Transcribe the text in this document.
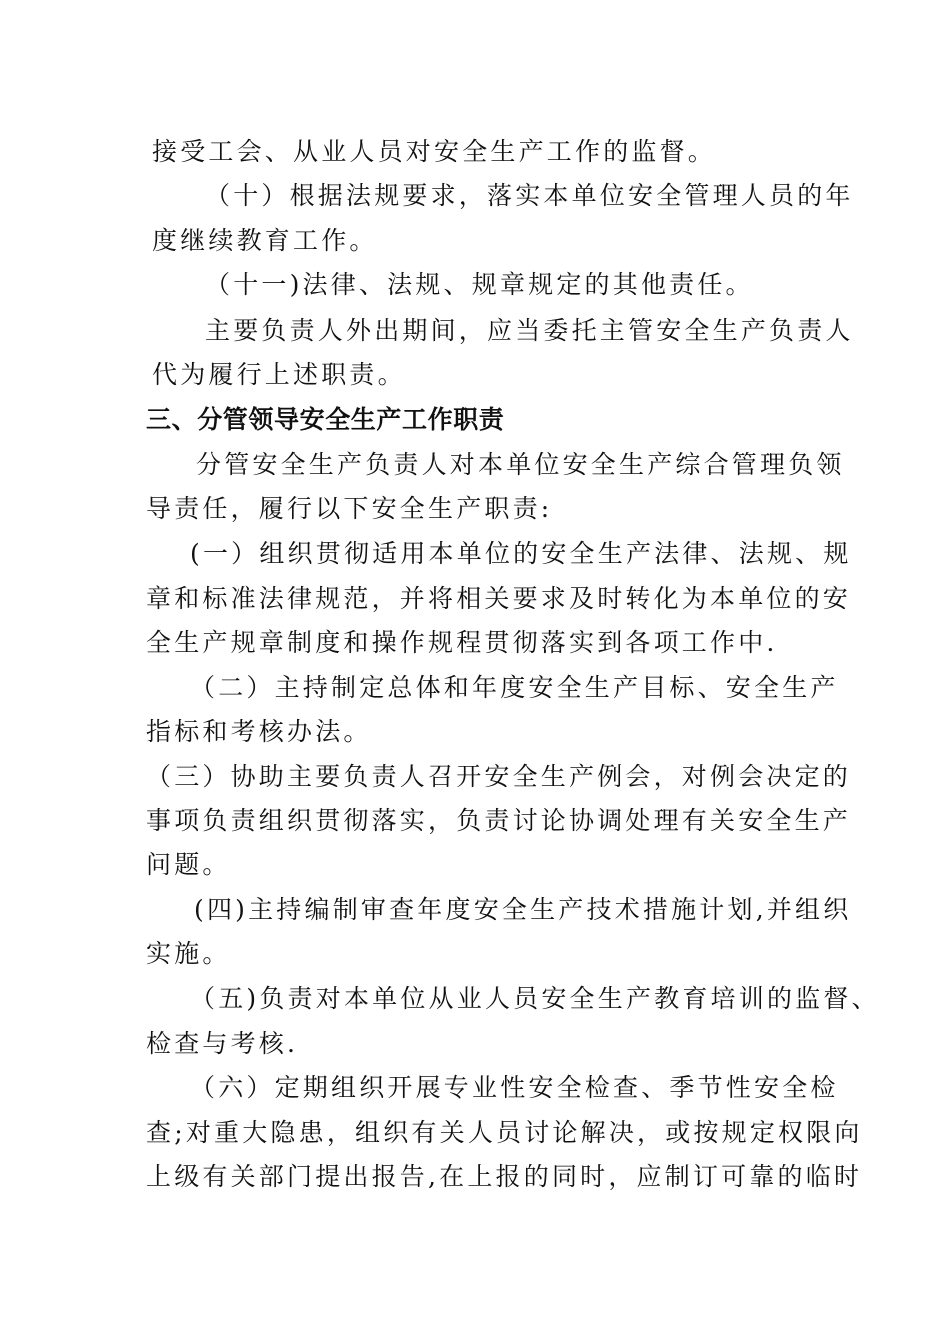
接受工会、从业人员对安全生产工作的监督。

（十）根据法规要求，落实本单位安全管理人员的年

度继续教育工作。

（十一)法律、法规、规章规定的其他责任。

主要负责人外出期间，应当委托主管安全生产负责人

代为履行上述职责。

三、分管领导安全生产工作职责

分管安全生产负责人对本单位安全生产综合管理负领

导责任，履行以下安全生产职责:

(一）组织贯彻适用本单位的安全生产法律、法规、规

章和标准法律规范，并将相关要求及时转化为本单位的安

全生产规章制度和操作规程贯彻落实到各项工作中.

（二）主持制定总体和年度安全生产目标、安全生产

指标和考核办法。

（三）协助主要负责人召开安全生产例会，对例会决定的

事项负责组织贯彻落实，负责讨论协调处理有关安全生产

问题。

(四)主持编制审查年度安全生产技术措施计划,并组织

实施。

（五)负责对本单位从业人员安全生产教育培训的监督、

检查与考核.

（六）定期组织开展专业性安全检查、季节性安全检

查;对重大隐患，组织有关人员讨论解决，或按规定权限向

上级有关部门提出报告,在上报的同时，应制订可靠的临时
